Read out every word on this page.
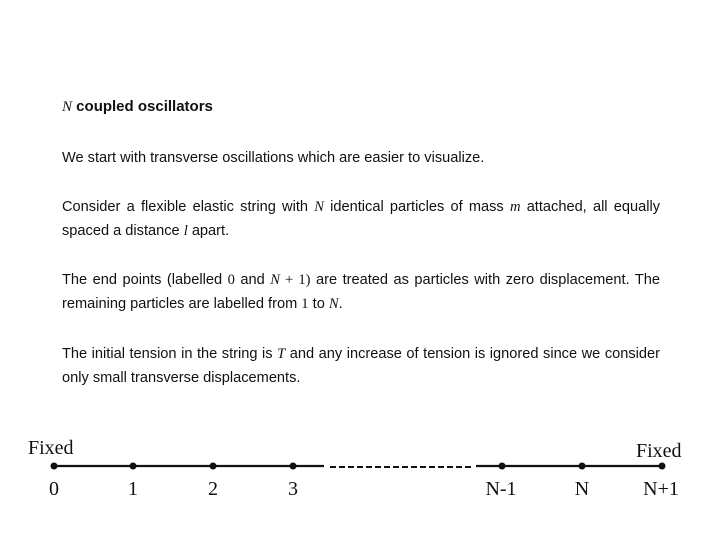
N coupled oscillators
We start with transverse oscillations which are easier to visualize.
Consider a flexible elastic string with N identical particles of mass m attached, all equally spaced a distance l apart.
The end points (labelled 0 and N + 1) are treated as particles with zero displacement. The remaining particles are labelled from 1 to N.
The initial tension in the string is T and any increase of tension is ignored since we consider only small transverse displacements.
Fixed	Fixed
0	1	2	3	N-1	N	N+1
